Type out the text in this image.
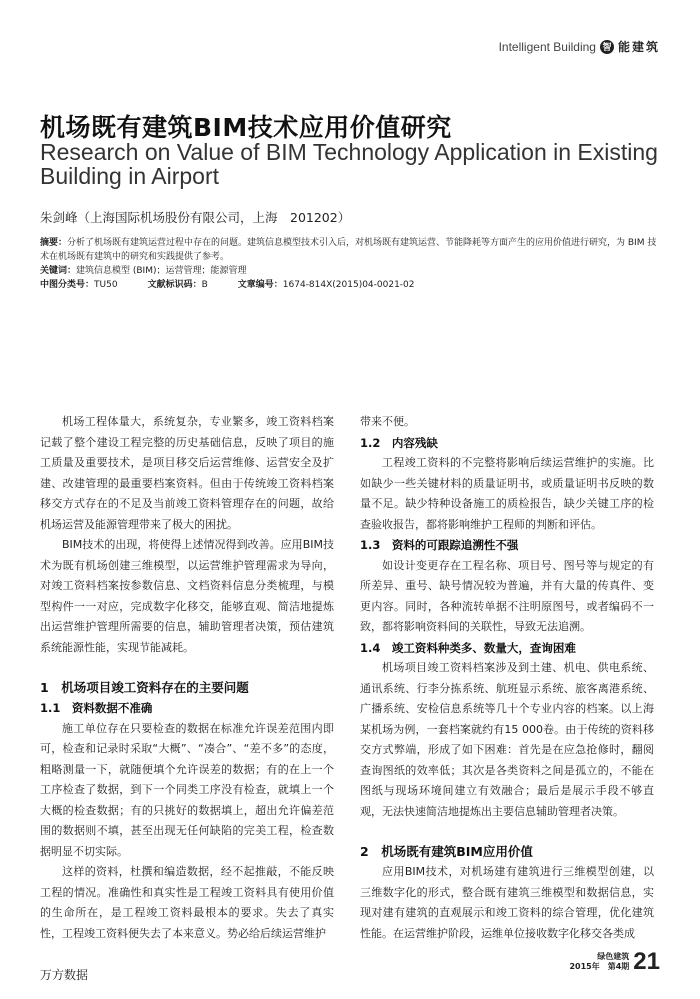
Intelligent Building 智 能建筑
机场既有建筑BIM技术应用价值研究
Research on Value of BIM Technology Application in Existing Building in Airport
朱剑峰（上海国际机场股份有限公司，上海　201202）

摘要：分析了机场既有建筑运营过程中存在的问题。建筑信息模型技术引入后，对机场既有建筑运营、节能降耗等方面产生的应用价值进行研究，为 BIM 技术在机场既有建筑中的研究和实践提供了参考。

关键词：建筑信息模型 (BIM)；运营管理；能源管理

中图分类号：TU50	文献标识码：B	文章编号：1674-814X(2015)04-0021-02

机场工程体量大，系统复杂，专业繁多，竣工资料档案记载了整个建设工程完整的历史基础信息，反映了项目的施工质量及重要技术，是项目移交后运营维修、运营安全及扩建、改建管理的最重要档案资料。但由于传统竣工资料档案移交方式存在的不足及当前竣工资料管理存在的问题，故给机场运营及能源管理带来了极大的困扰。

BIM技术的出现，将使得上述情况得到改善。应用BIM技术为既有机场创建三维模型，以运营维护管理需求为导向，对竣工资料档案按参数信息、文档资料信息分类梳理，与模型构件一一对应，完成数字化移交，能够直观、简洁地提炼出运营维护管理所需要的信息，辅助管理者决策，预估建筑系统能源性能，实现节能减耗。

1　机场项目竣工资料存在的主要问题
1.1　资料数据不准确

施工单位存在只要检查的数据在标准允许误差范围内即可，检查和记录时采取“大概”、“凑合”、“差不多”的态度，粗略测量一下，就随便填个允许误差的数据；有的在上一个工序检查了数据，到下一个同类工序没有检查，就填上一个大概的检查数据；有的只挑好的数据填上，超出允许偏差范围的数据则不填，甚至出现无任何缺陷的完美工程，检查数据明显不切实际。

这样的资料，杜撰和编造数据，经不起推敲，不能反映工程的情况。准确性和真实性是工程竣工资料具有使用价值的生命所在，是工程竣工资料最根本的要求。失去了真实性，工程竣工资料便失去了本来意义。势必给后续运营维护

带来不便。

1.2　内容残缺

工程竣工资料的不完整将影响后续运营维护的实施。比如缺少一些关键材料的质量证明书，或质量证明书反映的数量不足。缺少特种设备施工的质检报告，缺少关键工序的检查验收报告，都将影响维护工程师的判断和评估。

1.3　资料的可跟踪追溯性不强

如设计变更存在工程名称、项目号、图号等与规定的有所差异、重号、缺号情况较为普遍，并有大量的传真件、变更内容。同时，各种流转单据不注明原图号，或者编码不一致，都将影响资料间的关联性，导致无法追溯。

1.4　竣工资料种类多、数量大，查询困难

机场项目竣工资料档案涉及到土建、机电、供电系统、通讯系统、行李分拣系统、航班显示系统、旅客离港系统、广播系统、安检信息系统等几十个专业内容的档案。以上海某机场为例，一套档案就约有15 000卷。由于传统的资料移交方式弊端，形成了如下困难：首先是在应急抢修时，翻阅查询图纸的效率低；其次是各类资料之间是孤立的，不能在图纸与现场环境间建立有效融合；最后是展示手段不够直观，无法快速简洁地提炼出主要信息辅助管理者决策。

2　机场既有建筑BIM应用价值

应用BIM技术，对机场建有建筑进行三维模型创建，以三维数字化的形式，整合既有建筑三维模型和数据信息，实现对建有建筑的直观展示和竣工资料的综合管理，优化建筑性能。在运营维护阶段，运维单位接收数字化移交各类成

万方数据
绿色建筑
2015年　第4期 21
